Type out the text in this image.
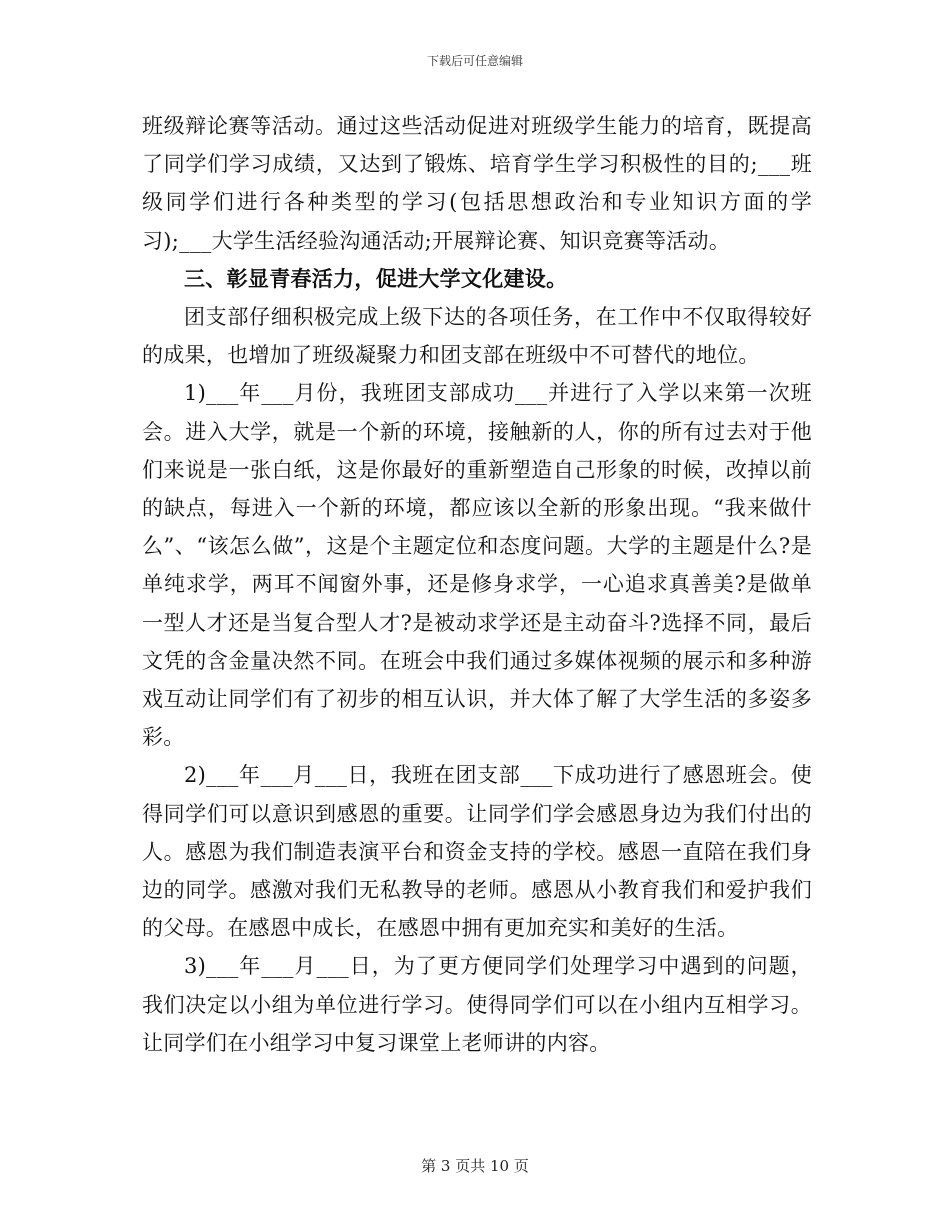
下载后可任意编辑

班级辩论赛等活动。通过这些活动促进对班级学生能力的培育，既提高了同学们学习成绩，又达到了锻炼、培育学生学习积极性的目的;___班级同学们进行各种类型的学习(包括思想政治和专业知识方面的学习);___大学生活经验沟通活动;开展辩论赛、知识竞赛等活动。

三、彰显青春活力，促进大学文化建设。

团支部仔细积极完成上级下达的各项任务，在工作中不仅取得较好的成果，也增加了班级凝聚力和团支部在班级中不可替代的地位。

1)___年___月份，我班团支部成功___并进行了入学以来第一次班会。进入大学，就是一个新的环境，接触新的人，你的所有过去对于他们来说是一张白纸，这是你最好的重新塑造自己形象的时候，改掉以前的缺点，每进入一个新的环境，都应该以全新的形象出现。“我来做什么”、“该怎么做”，这是个主题定位和态度问题。大学的主题是什么?是单纯求学，两耳不闻窗外事，还是修身求学，一心追求真善美?是做单一型人才还是当复合型人才?是被动求学还是主动奋斗?选择不同，最后文凭的含金量决然不同。在班会中我们通过多媒体视频的展示和多种游戏互动让同学们有了初步的相互认识，并大体了解了大学生活的多姿多彩。

2)___年___月___日，我班在团支部___下成功进行了感恩班会。使得同学们可以意识到感恩的重要。让同学们学会感恩身边为我们付出的人。感恩为我们制造表演平台和资金支持的学校。感恩一直陪在我们身边的同学。感激对我们无私教导的老师。感恩从小教育我们和爱护我们的父母。在感恩中成长，在感恩中拥有更加充实和美好的生活。

3)___年___月___日，为了更方便同学们处理学习中遇到的问题，我们决定以小组为单位进行学习。使得同学们可以在小组内互相学习。让同学们在小组学习中复习课堂上老师讲的内容。

第 3 页共 10 页
